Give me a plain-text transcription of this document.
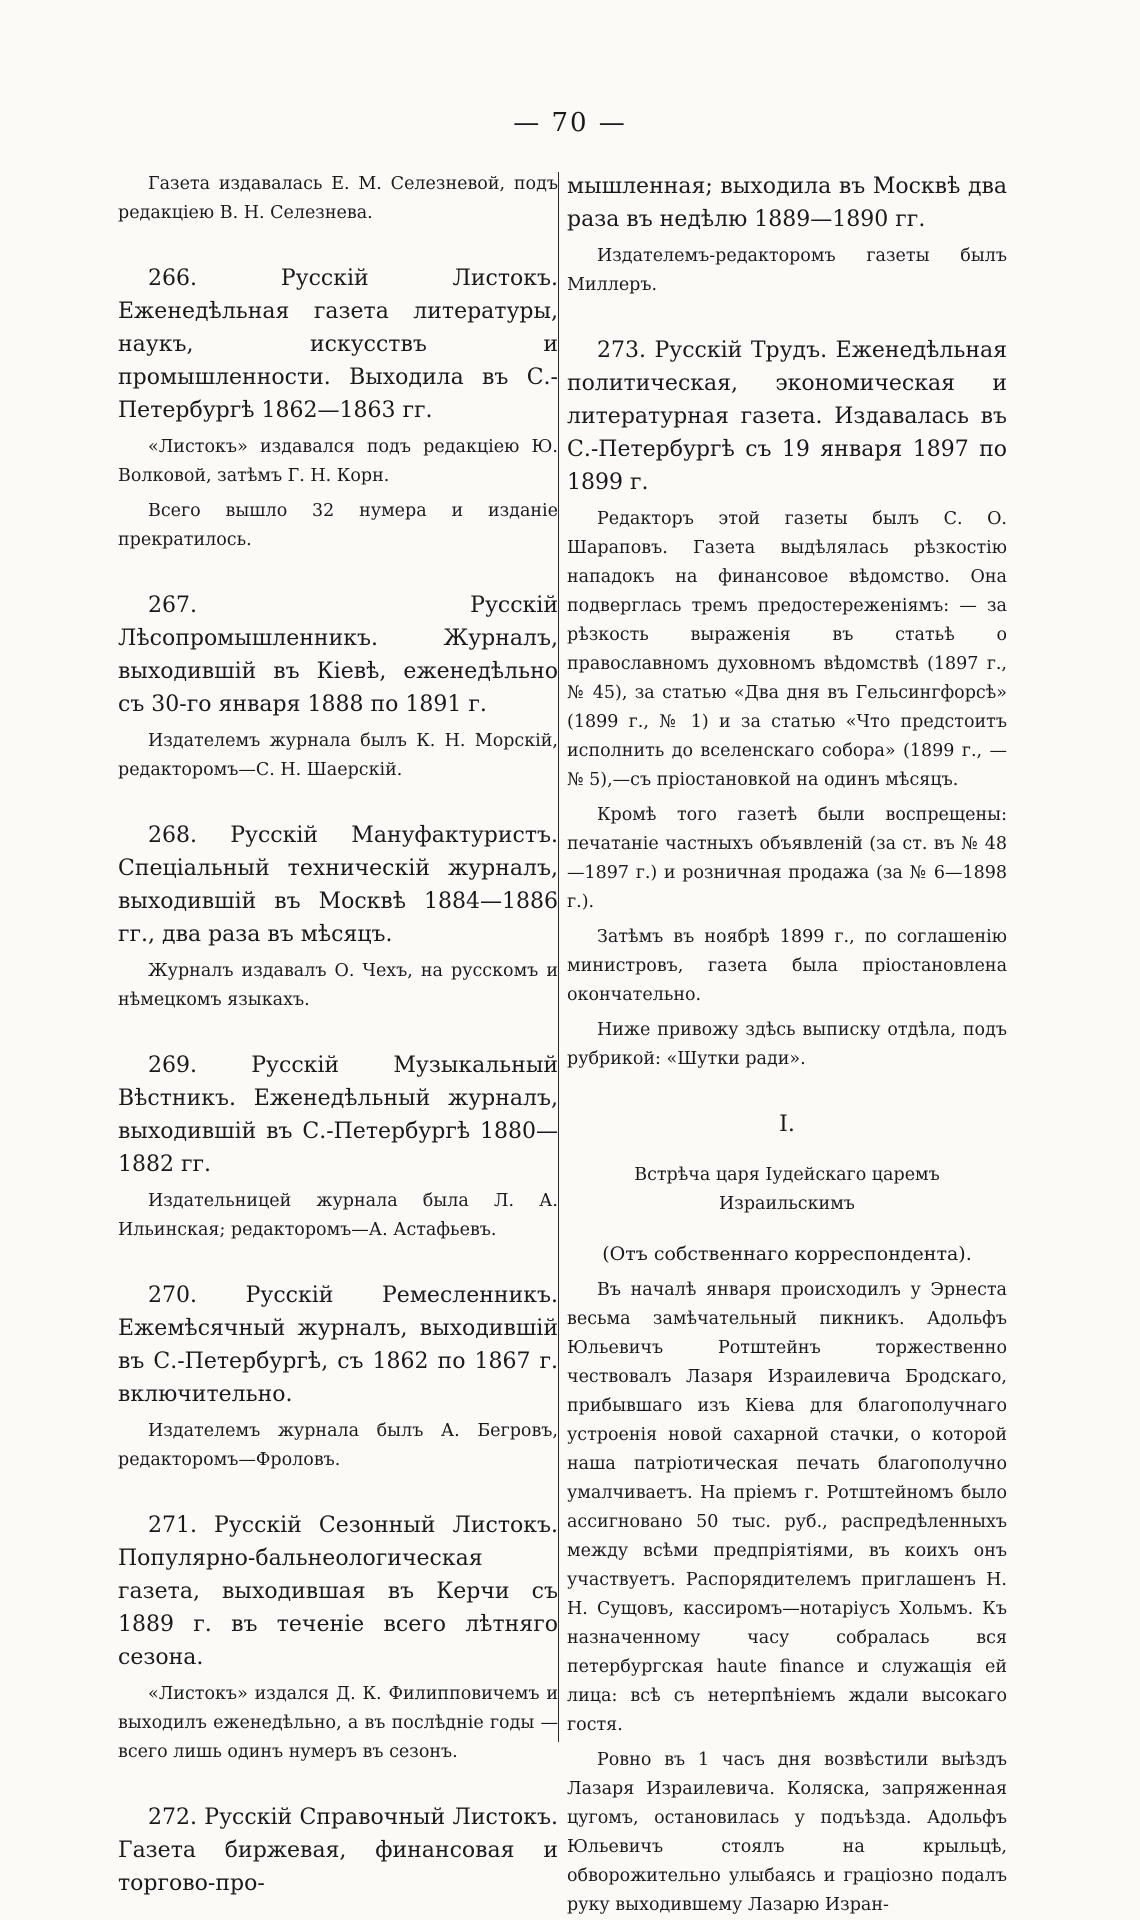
— 70 —

Газета издавалась Е. М. Селезневой, подъ редакціею В. Н. Селезнева.

266. Русскій Листокъ. Еженедѣльная газета литературы, наукъ, искусствъ и промышленности. Выходила въ С.-Петербургѣ 1862—1863 гг.

«Листокъ» издавался подъ редакціею Ю. Волковой, затѣмъ Г. Н. Корн.

Всего вышло 32 нумера и изданіе прекратилось.

267. Русскій Лѣсопромышленникъ. Журналъ, выходившій въ Кіевѣ, еженедѣльно съ 30-го января 1888 по 1891 г.

Издателемъ журнала былъ К. Н. Морскій, редакторомъ—С. Н. Шаерскій.

268. Русскій Мануфактуристъ. Спеціальный техническій журналъ, выходившій въ Москвѣ 1884—1886 гг., два раза въ мѣсяцъ.

Журналъ издавалъ О. Чехъ, на русскомъ и нѣмецкомъ языкахъ.

269. Русскій Музыкальный Вѣстникъ. Еженедѣльный журналъ, выходившій въ С.-Петербургѣ 1880—1882 гг.

Издательницей журнала была Л. А. Ильинская; редакторомъ—А. Астафьевъ.

270. Русскій Ремесленникъ. Ежемѣсячный журналъ, выходившій въ С.-Петербургѣ, съ 1862 по 1867 г. включительно.

Издателемъ журнала былъ А. Бегровъ, редакторомъ—Фроловъ.

271. Русскій Сезонный Листокъ. Популярно-бальнеологическая газета, выходившая въ Керчи съ 1889 г. въ теченіе всего лѣтняго сезона.

«Листокъ» издался Д. К. Филипповичемъ и выходилъ еженедѣльно, а въ послѣдніе годы — всего лишь одинъ нумеръ въ сезонъ.

272. Русскій Справочный Листокъ. Газета биржевая, финансовая и торгово-про-

мышленная; выходила въ Москвѣ два раза въ недѣлю 1889—1890 гг.

Издателемъ-редакторомъ газеты былъ Миллеръ.

273. Русскій Трудъ. Еженедѣльная политическая, экономическая и литературная газета. Издавалась въ С.-Петербургѣ съ 19 января 1897 по 1899 г.

Редакторъ этой газеты былъ С. О. Шараповъ. Газета выдѣлялась рѣзкостію нападокъ на финансовое вѣдомство. Она подверглась тремъ предостереженіямъ: — за рѣзкость выраженія въ статьѣ о православномъ духовномъ вѣдомствѣ (1897 г., № 45), за статью «Два дня въ Гельсингфорсѣ» (1899 г., № 1) и за статью «Что предстоитъ исполнить до вселенскаго собора» (1899 г., — № 5),—съ пріостановкой на одинъ мѣсяцъ.

Кромѣ того газетѣ были воспрещены: печатаніе частныхъ объявленій (за ст. въ № 48—1897 г.) и розничная продажа (за № 6—1898 г.).

Затѣмъ въ ноябрѣ 1899 г., по соглашенію министровъ, газета была пріостановлена окончательно.

Ниже привожу здѣсь выписку отдѣла, подъ рубрикой: «Шутки ради».

I.

Встрѣча царя Іудейскаго царемъ Израильскимъ

(Отъ собственнаго корреспондента).

Въ началѣ января происходилъ у Эрнеста весьма замѣчательный пикникъ. Адольфъ Юльевичъ Ротштейнъ торжественно чествовалъ Лазаря Израилевича Бродскаго, прибывшаго изъ Кіева для благополучнаго устроенія новой сахарной стачки, о которой наша патріотическая печать благополучно умалчиваетъ. На пріемъ г. Ротштейномъ было ассигновано 50 тыс. руб., распредѣленныхъ между всѣми предпріятіями, въ коихъ онъ участвуетъ. Распорядителемъ приглашенъ Н. Н. Сущовъ, кассиромъ—нотаріусъ Хольмъ. Къ назначенному часу собралась вся петербургская haute finance и служащія ей лица: всѣ съ нетерпѣніемъ ждали высокаго гостя.

Ровно въ 1 часъ дня возвѣстили выѣздъ Лазаря Израилевича. Коляска, запряженная цугомъ, остановилась у подъѣзда. Адольфъ Юльевичъ стоялъ на крыльцѣ, обворожительно улыбаясь и граціозно подалъ руку выходившему Лазарю Изран-
